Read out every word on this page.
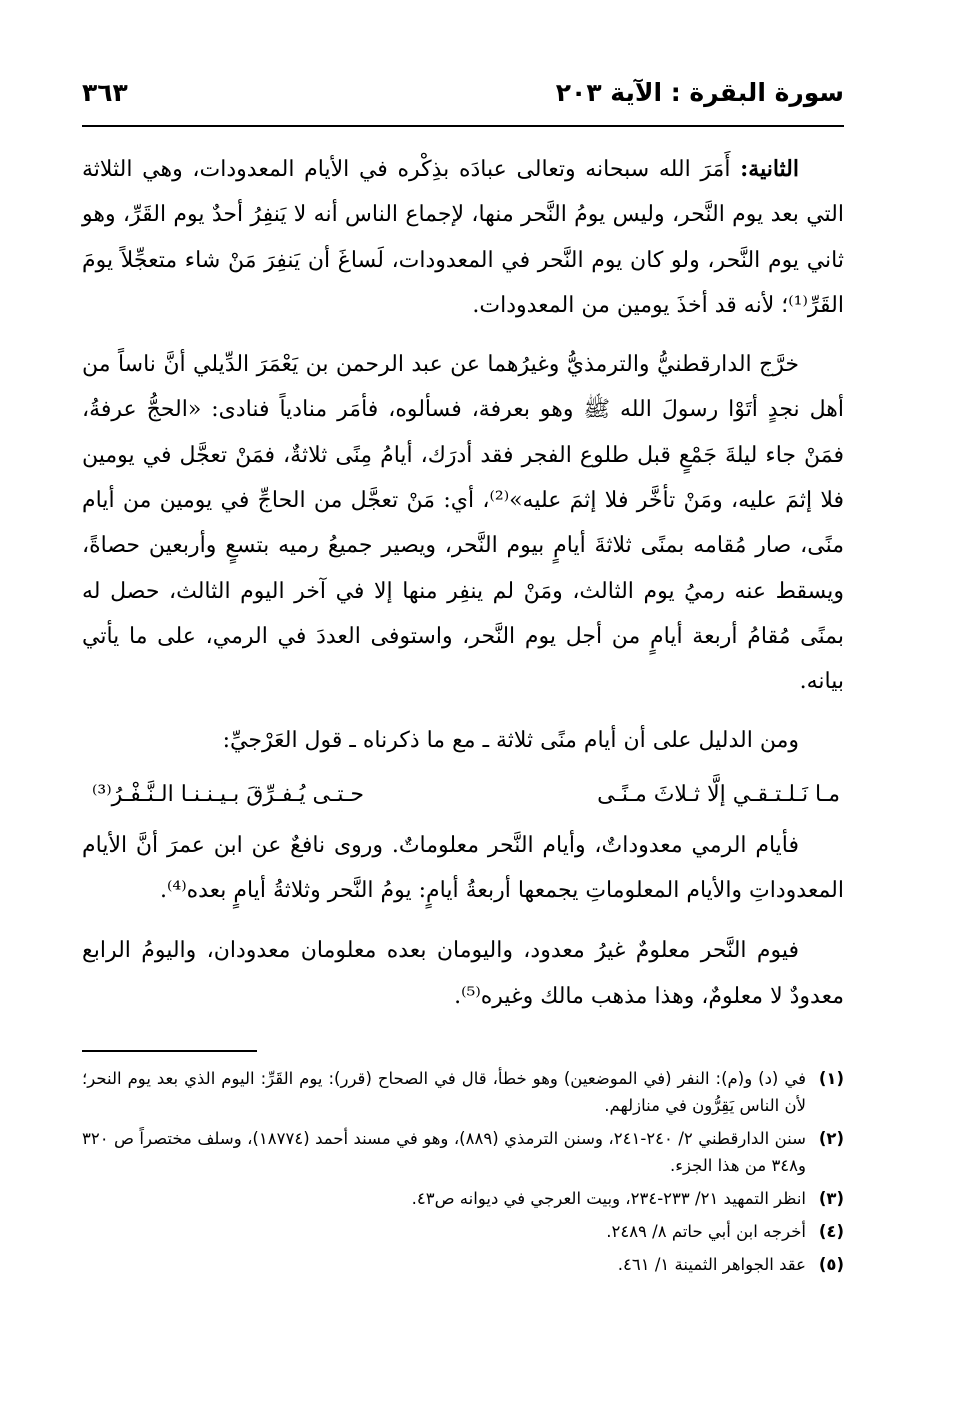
سورة البقرة : الآية ٢٠٣
٣٦٣

الثانية: أَمَرَ الله سبحانه وتعالى عبادَه بذِكْره في الأيام المعدودات، وهي الثلاثة التي بعد يوم النَّحر، وليس يومُ النَّحر منها، لإجماع الناس أنه لا يَنفِرُ أحدٌ يوم القَرِّ، وهو ثاني يوم النَّحر، ولو كان يوم النَّحر في المعدودات، لَساغَ أن يَنفِرَ مَنْ شاء متعجِّلاً يومَ القَرِّ⁽¹⁾؛ لأنه قد أخذَ يومين من المعدودات.

خرَّج الدارقطنيُّ والترمذيُّ وغيرُهما عن عبد الرحمن بن يَعْمَرَ الدِّيلي أنَّ ناساً من أهل نجدٍ أتَوْا رسولَ الله ﷺ وهو بعرفة، فسألوه، فأمَر منادياً فنادى: «الحجُّ عرفةُ، فمَنْ جاء ليلةَ جَمْعٍ قبل طلوع الفجر فقد أدرَك، أيامُ مِنًى ثلاثةٌ، فمَنْ تعجَّل في يومين فلا إثمَ عليه، ومَنْ تأخَّر فلا إثمَ عليه»⁽²⁾، أي: مَنْ تعجَّل من الحاجِّ في يومين من أيام منًى، صار مُقامه بمنًى ثلاثةَ أيامٍ بيوم النَّحر، ويصير جميعُ رميه بتسعٍ وأربعين حصاةً، ويسقط عنه رميُ يوم الثالث، ومَنْ لم ينفِر منها إلا في آخر اليوم الثالث، حصل له بمنًى مُقامُ أربعة أيامٍ من أجل يوم النَّحر، واستوفى العددَ في الرمي، على ما يأتي بيانه.

ومن الدليل على أن أيام منًى ثلاثة ـ مع ما ذكرناه ـ قول العَرْجيِّ:

مـا نَـلـتـقـي إلَّا ثـلاثَ مـنًـى
حـتـى يُـفـرِّقَ بـيـنـنـا الـنَّـفْـرُ⁽³⁾

فأيام الرمي معدوداتٌ، وأيام النَّحر معلوماتٌ. وروى نافعٌ عن ابن عمرَ أنَّ الأيام المعدوداتِ والأيام المعلوماتِ يجمعها أربعةُ أيامٍ: يومُ النَّحر وثلاثةُ أيامٍ بعده⁽⁴⁾.

فيوم النَّحر معلومٌ غيرُ معدود، واليومان بعده معلومان معدودان، واليومُ الرابع معدودٌ لا معلومٌ، وهذا مذهب مالك وغيره⁽⁵⁾.

(١)
في (د) و(م): النفر (في الموضعين) وهو خطأ، قال في الصحاح (قرر): يوم القَرِّ: اليوم الذي بعد يوم النحر؛ لأن الناس يَقِرُّون في منازلهم.
(٢)
سنن الدارقطني ٢/ ٢٤٠-٢٤١، وسنن الترمذي (٨٨٩)، وهو في مسند أحمد (١٨٧٧٤)، وسلف مختصراً ص ٣٢٠ و٣٤٨ من هذا الجزء.
(٣)
انظر التمهيد ٢١/ ٢٣٣-٢٣٤، وبيت العرجي في ديوانه ص٤٣.
(٤)
أخرجه ابن أبي حاتم ٨/ ٢٤٨٩.
(٥)
عقد الجواهر الثمينة ١/ ٤٦١.
